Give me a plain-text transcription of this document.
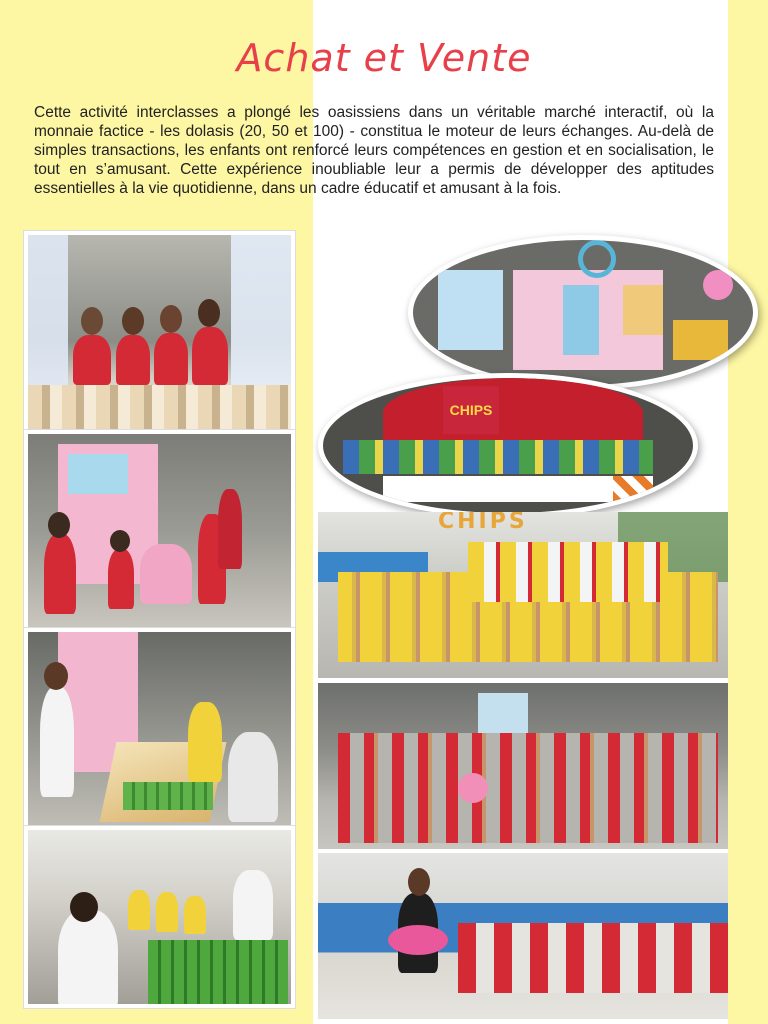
Achat et Vente
Cette activité interclasses a plongé les oasissiens dans un véritable marché interactif, où la monnaie factice - les dolasis (20, 50 et 100) - constitua le moteur de leurs échanges. Au-delà de simples transactions, les enfants ont renforcé leurs compétences en gestion et en socialisation, le tout en s’amusant. Cette expérience inoubliable leur a permis de développer des aptitudes essentielles à la vie quotidienne, dans un cadre éducatif et amusant à la fois.
CHIPS
CHIPS
